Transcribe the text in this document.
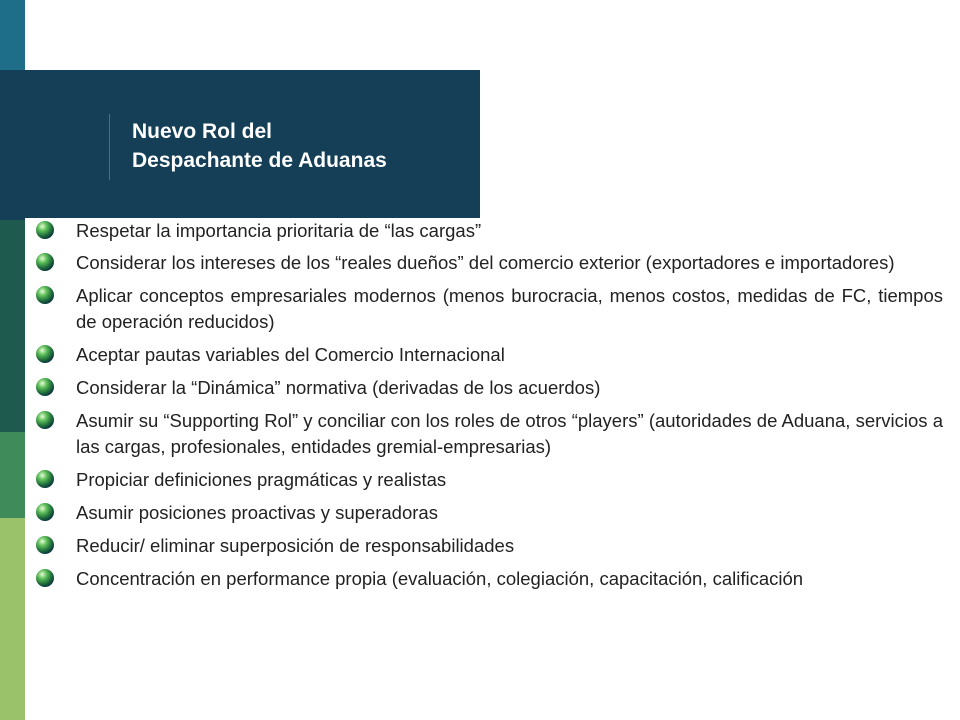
Nuevo Rol del
Despachante de Aduanas
Respetar la importancia prioritaria de “las cargas”
Considerar los intereses de los “reales dueños” del comercio exterior (exportadores e importadores)
Aplicar conceptos empresariales modernos (menos burocracia, menos costos, medidas de FC, tiempos de operación reducidos)
Aceptar pautas variables del Comercio Internacional
Considerar la “Dinámica” normativa (derivadas de los acuerdos)
Asumir su “Supporting Rol” y conciliar con los roles de otros “players” (autoridades de Aduana, servicios a las cargas, profesionales, entidades gremial-empresarias)
Propiciar definiciones pragmáticas y realistas
Asumir posiciones proactivas y superadoras
Reducir/ eliminar superposición de responsabilidades
Concentración en performance propia (evaluación, colegiación, capacitación, calificación
